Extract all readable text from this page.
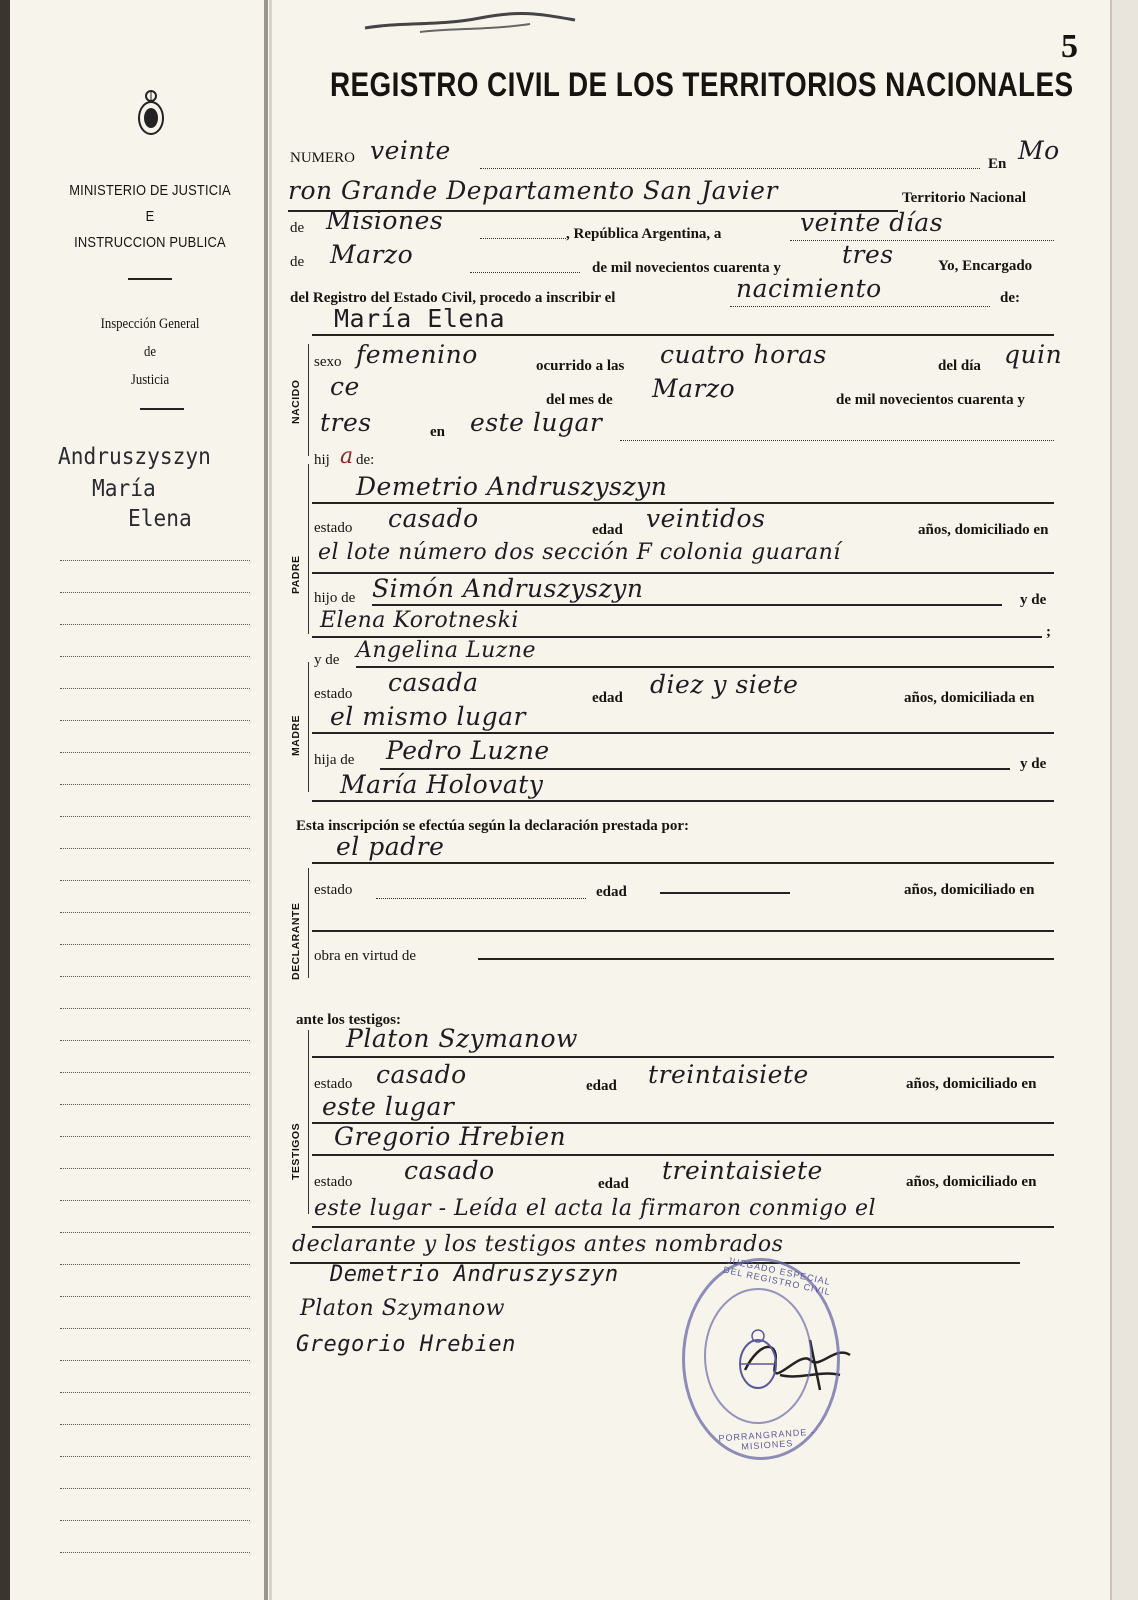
MINISTERIO DE JUSTICIA
E
INSTRUCCION PUBLICA
Inspección General
de
Justicia
Andruszyszyn
María
Elena
5
REGISTRO CIVIL DE LOS TERRITORIOS NACIONALES
NUMERO veinte	En Mo
ron Grande Departamento San Javier	Territorio Nacional
de Misiones	, República Argentina, a	veinte días
de Marzo	de mil novecientos cuarenta y tres	Yo, Encargado
del Registro del Estado Civil, procedo a inscribir el	nacimiento	de:
María Elena
NACIDO
sexo femenino	ocurrido a las cuatro horas	del día quin
ce	del mes de Marzo	de mil novecientos cuarenta y
tres	en este lugar
hij a de:
PADRE
Demetrio Andruszyszyn
estado casado	edad veintidos	años, domiciliado en
el lote número dos sección F colonia guaraní
hijo de Simón Andruszyszyn	y de
Elena Korotneski	;
y de Angelina Luzne
MADRE
estado casada
edad diez y siete	años, domiciliada en
el mismo lugar
hija de Pedro Luzne	y de
María Holovaty
Esta inscripción se efectúa según la declaración prestada por:
el padre
DECLARANTE
estado	edad	años, domiciliado en
obra en virtud de
ante los testigos:
TESTIGOS
Platon Szymanow
estado casado	edad treintaisiete	años, domiciliado en
este lugar
Gregorio Hrebien
estado casado	edad treintaisiete	años, domiciliado en
este lugar - Leída el acta la firmaron conmigo el
declarante y los testigos antes nombrados
Demetrio Andruszyszyn
Platon Szymanow
Gregorio Hrebien
JUZGADO ESPECIAL DEL REGISTRO CIVIL
PORRANGRANDE - MISIONES
